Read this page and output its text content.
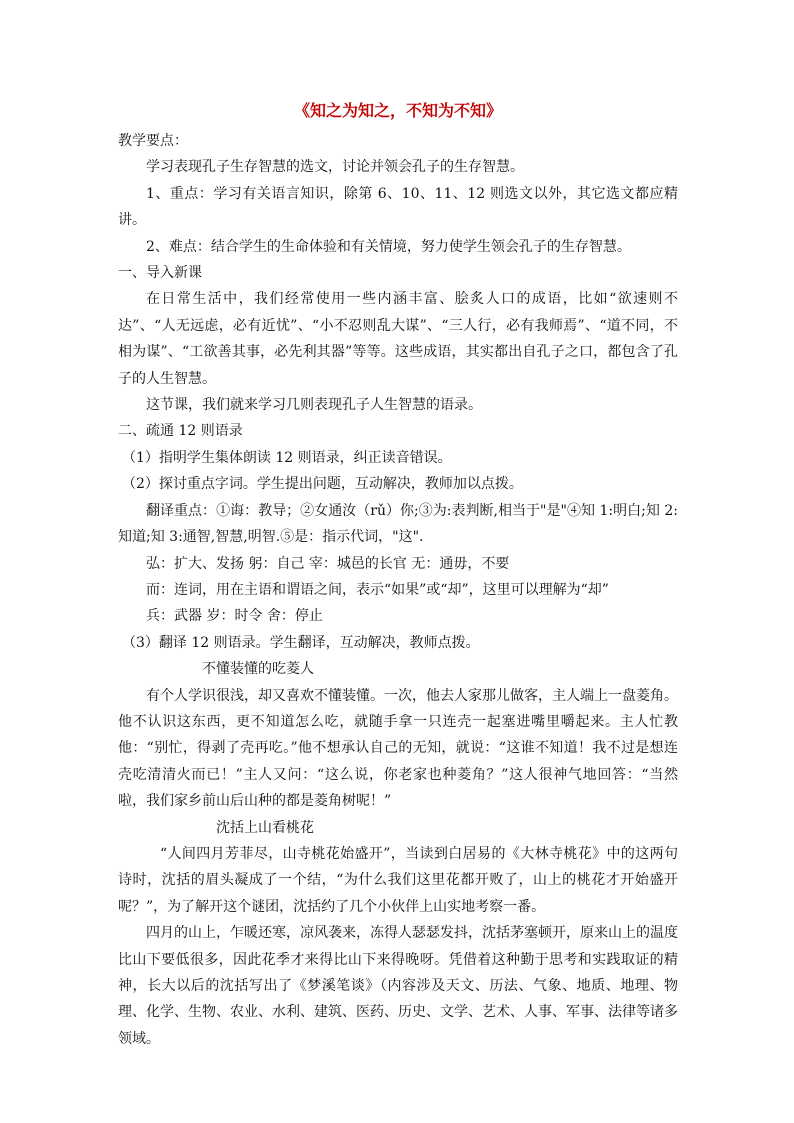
《知之为知之，不知为不知》

教学要点：

学习表现孔子生存智慧的选文，讨论并领会孔子的生存智慧。

1、重点：学习有关语言知识，除第 6、10、11、12 则选文以外，其它选文都应精讲。

2、难点：结合学生的生命体验和有关情境，努力使学生领会孔子的生存智慧。

一、导入新课

在日常生活中，我们经常使用一些内涵丰富、脍炙人口的成语，比如“欲速则不达”、“人无远虑，必有近忧”、“小不忍则乱大谋”、“三人行，必有我师焉”、“道不同，不相为谋”、“工欲善其事，必先利其器”等等。这些成语，其实都出自孔子之口，都包含了孔子的人生智慧。

这节课，我们就来学习几则表现孔子人生智慧的语录。

二、疏通 12 则语录

（1）指明学生集体朗读 12 则语录，纠正读音错误。

（2）探讨重点字词。学生提出问题，互动解决，教师加以点拨。

翻译重点：①诲：教导；②女通汝（rǔ）你;③为:表判断,相当于"是"④知 1:明白;知 2:知道;知 3:通智,智慧,明智.⑤是：指示代词，"这".

弘：扩大、发扬 躬：自己 宰：城邑的长官 无：通毋，不要

而：连词，用在主语和谓语之间，表示“如果”或“却”，这里可以理解为“却”

兵：武器 岁：时令 舍：停止

（3）翻译 12 则语录。学生翻译，互动解决，教师点拨。

不懂装懂的吃菱人

有个人学识很浅，却又喜欢不懂装懂。一次，他去人家那儿做客，主人端上一盘菱角。他不认识这东西，更不知道怎么吃，就随手拿一只连壳一起塞进嘴里嚼起来。主人忙教他：“别忙，得剥了壳再吃。”他不想承认自己的无知，就说：“这谁不知道！我不过是想连壳吃清清火而已！”主人又问：“这么说，你老家也种菱角？”这人很神气地回答：“当然啦，我们家乡前山后山种的都是菱角树呢！”

沈括上山看桃花

“人间四月芳菲尽，山寺桃花始盛开”，当读到白居易的《大林寺桃花》中的这两句诗时，沈括的眉头凝成了一个结，“为什么我们这里花都开败了，山上的桃花才开始盛开呢？”，为了解开这个谜团，沈括约了几个小伙伴上山实地考察一番。

四月的山上，乍暖还寒，凉风袭来，冻得人瑟瑟发抖，沈括茅塞顿开，原来山上的温度比山下要低很多，因此花季才来得比山下来得晚呀。凭借着这种勤于思考和实践取证的精神，长大以后的沈括写出了《梦溪笔谈》（内容涉及天文、历法、气象、地质、地理、物理、化学、生物、农业、水利、建筑、医药、历史、文学、艺术、人事、军事、法律等诸多领域。
